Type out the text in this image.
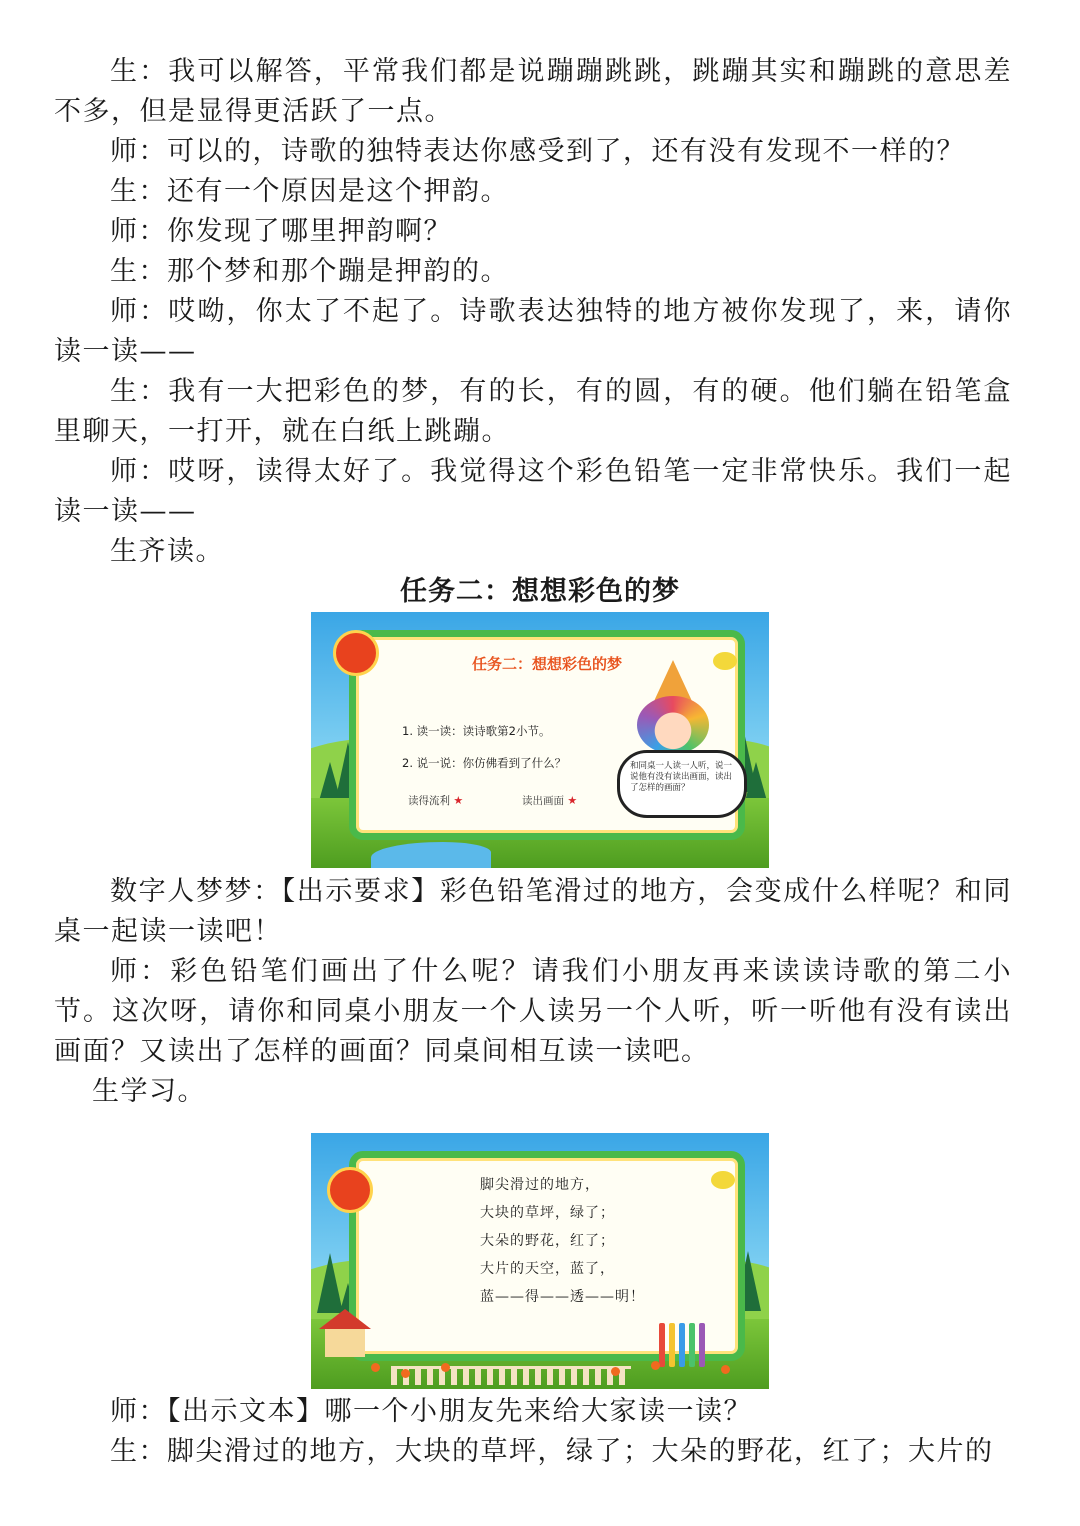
生：我可以解答，平常我们都是说蹦蹦跳跳，跳蹦其实和蹦跳的意思差不多，但是显得更活跃了一点。

师：可以的，诗歌的独特表达你感受到了，还有没有发现不一样的？

生：还有一个原因是这个押韵。

师：你发现了哪里押韵啊？

生：那个梦和那个蹦是押韵的。

师：哎呦，你太了不起了。诗歌表达独特的地方被你发现了，来，请你读一读——

生：我有一大把彩色的梦，有的长，有的圆，有的硬。他们躺在铅笔盒里聊天，一打开，就在白纸上跳蹦。

师：哎呀，读得太好了。我觉得这个彩色铅笔一定非常快乐。我们一起读一读——

生齐读。

任务二：想想彩色的梦
任务二：想想彩色的梦
1. 读一读：读诗歌第2小节。
2. 说一说：你仿佛看到了什么？
读得流利 ★	读出画面 ★
和同桌一人读一人听，说一说他有没有读出画面，读出了怎样的画面？

数字人梦梦：【出示要求】彩色铅笔滑过的地方，会变成什么样呢？和同桌一起读一读吧！

师：彩色铅笔们画出了什么呢？请我们小朋友再来读读诗歌的第二小节。这次呀，请你和同桌小朋友一个人读另一个人听，听一听他有没有读出画面？又读出了怎样的画面？同桌间相互读一读吧。

生学习。

脚尖滑过的地方，
大块的草坪，绿了；
大朵的野花，红了；
大片的天空，蓝了，
蓝——得——透——明！

师：【出示文本】哪一个小朋友先来给大家读一读？

生：脚尖滑过的地方，大块的草坪，绿了；大朵的野花，红了；大片的
